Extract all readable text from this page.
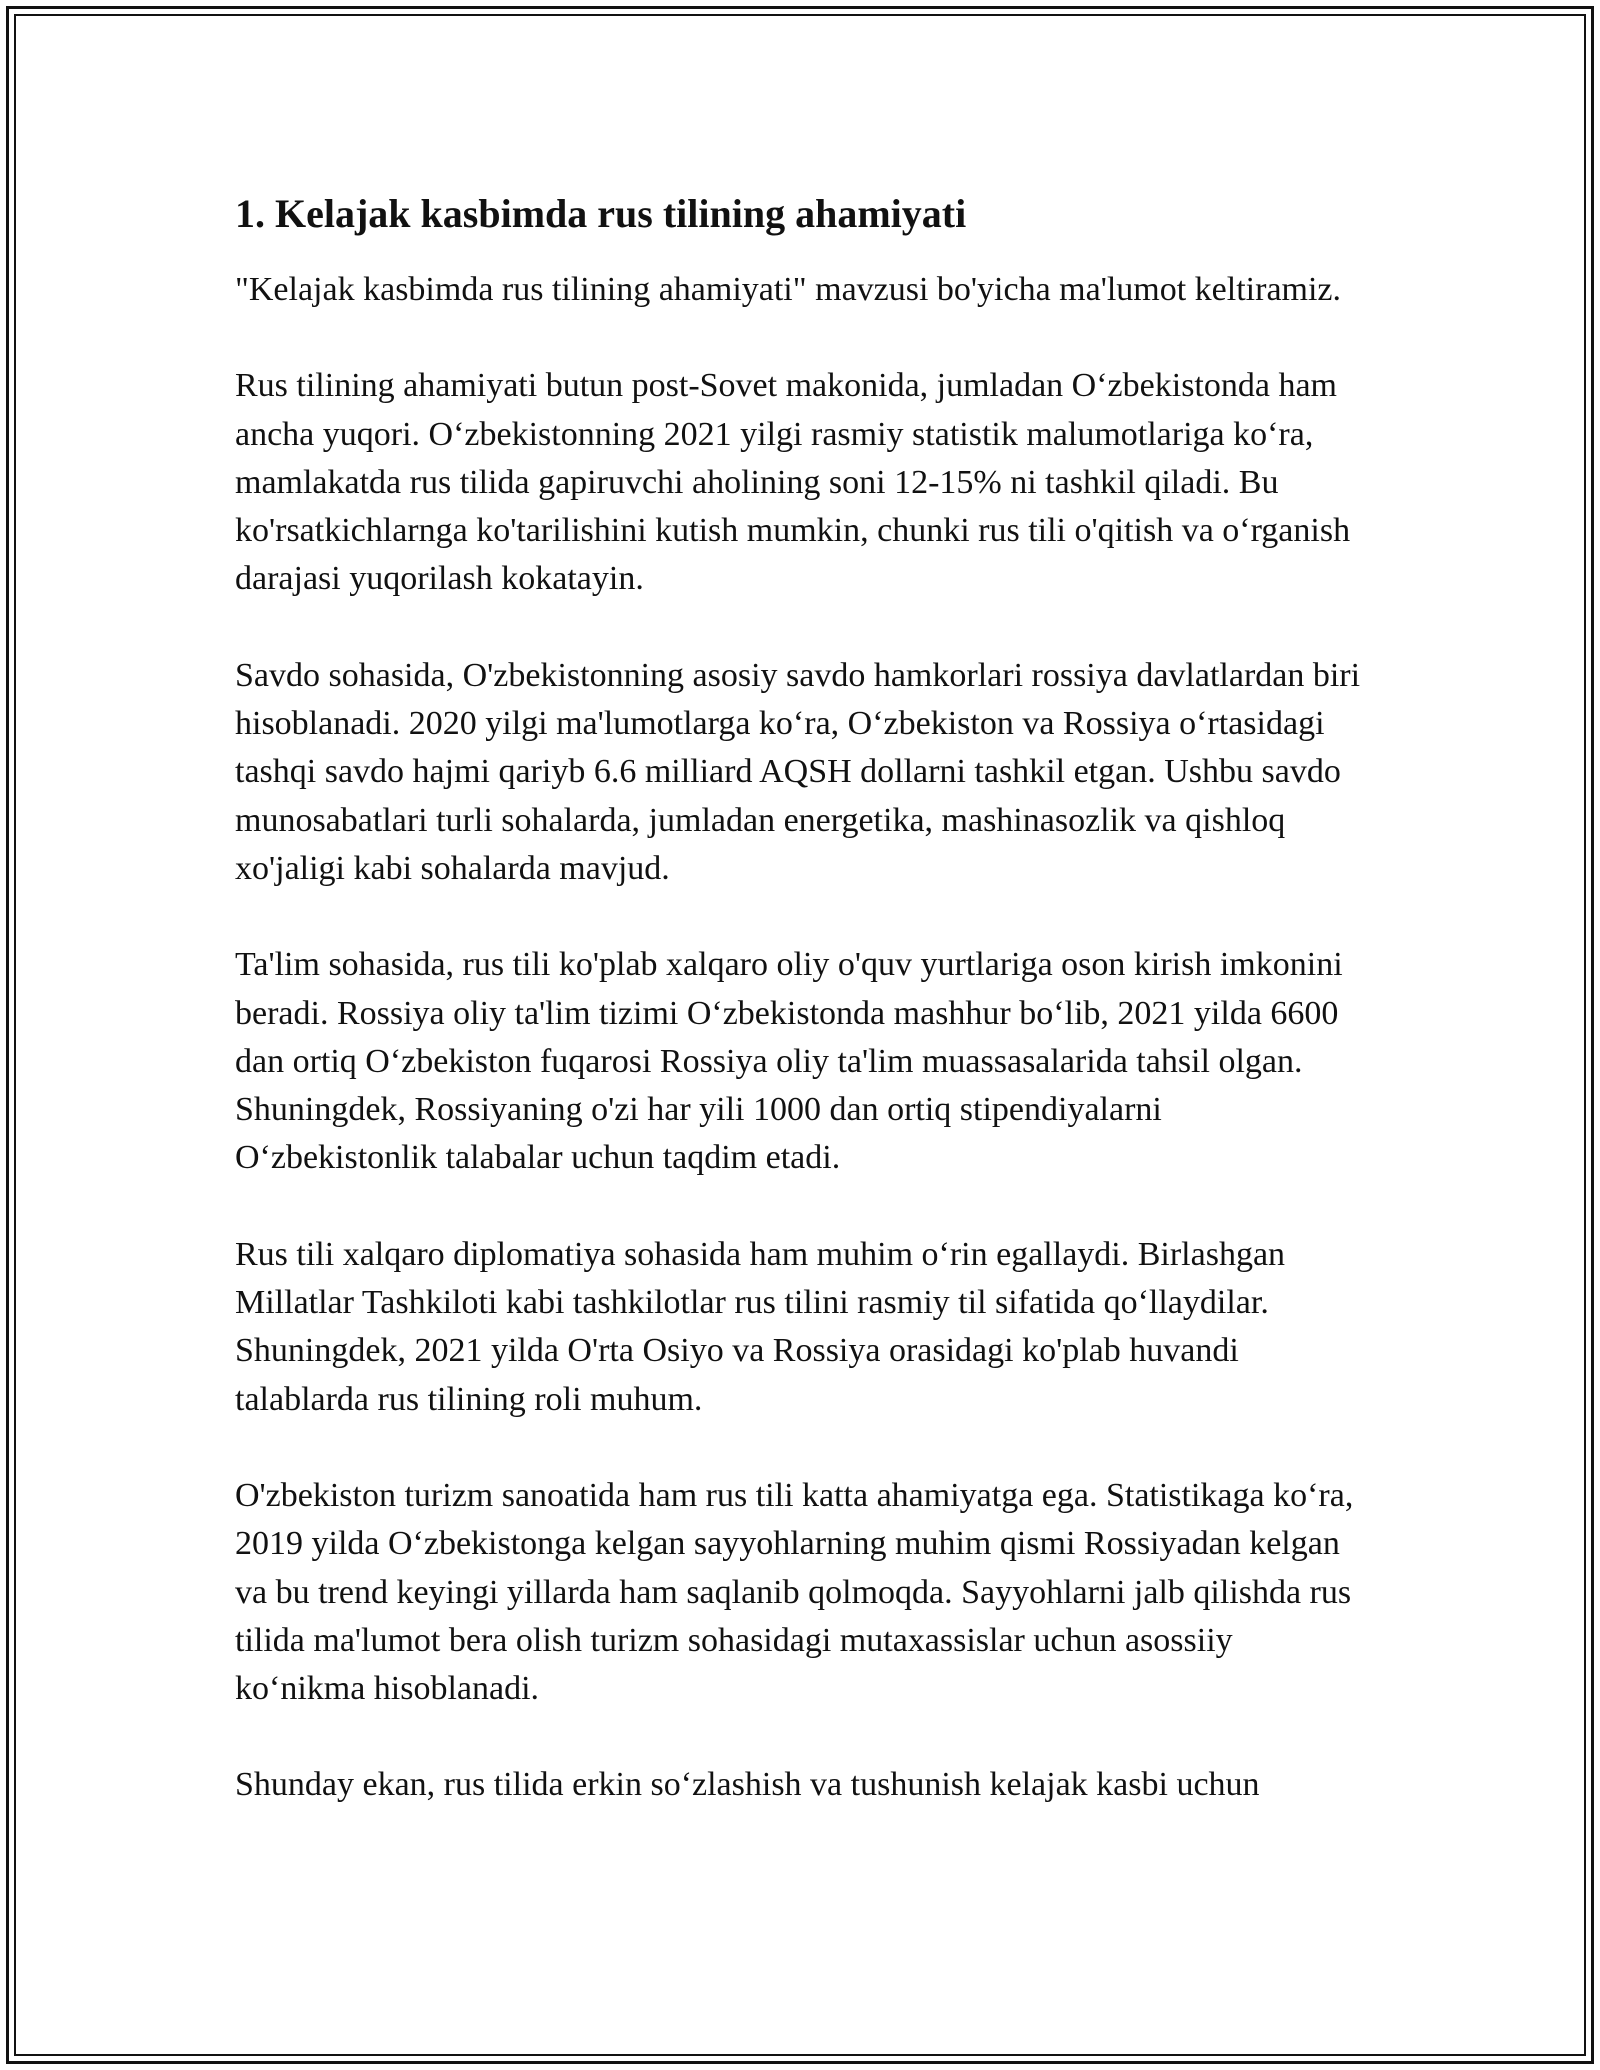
1. Kelajak kasbimda rus tilining ahamiyati

"Kelajak kasbimda rus tilining ahamiyati" mavzusi bo'yicha ma'lumot keltiramiz.

Rus tilining ahamiyati butun post-Sovet makonida, jumladan Oʻzbekistonda ham ancha yuqori. Oʻzbekistonning 2021 yilgi rasmiy statistik malumotlariga koʻra, mamlakatda rus tilida gapiruvchi aholining soni 12-15% ni tashkil qiladi. Bu ko'rsatkichlarnga ko'tarilishini kutish mumkin, chunki rus tili o'qitish va oʻrganish darajasi yuqorilash kokatayin.

Savdo sohasida, O'zbekistonning asosiy savdo hamkorlari rossiya davlatlardan biri hisoblanadi. 2020 yilgi ma'lumotlarga koʻra, Oʻzbekiston va Rossiya oʻrtasidagi tashqi savdo hajmi qariyb 6.6 milliard AQSH dollarni tashkil etgan. Ushbu savdo munosabatlari turli sohalarda, jumladan energetika, mashinasozlik va qishloq xo'jaligi kabi sohalarda mavjud.

Ta'lim sohasida, rus tili ko'plab xalqaro oliy o'quv yurtlariga oson kirish imkonini beradi. Rossiya oliy ta'lim tizimi Oʻzbekistonda mashhur boʻlib, 2021 yilda 6600 dan ortiq Oʻzbekiston fuqarosi Rossiya oliy ta'lim muassasalarida tahsil olgan. Shuningdek, Rossiyaning o'zi har yili 1000 dan ortiq stipendiyalarni Oʻzbekistonlik talabalar uchun taqdim etadi.

Rus tili xalqaro diplomatiya sohasida ham muhim oʻrin egallaydi. Birlashgan Millatlar Tashkiloti kabi tashkilotlar rus tilini rasmiy til sifatida qoʻllaydilar. Shuningdek, 2021 yilda O'rta Osiyo va Rossiya orasidagi ko'plab huvandi talablarda rus tilining roli muhum.

O'zbekiston turizm sanoatida ham rus tili katta ahamiyatga ega. Statistikaga koʻra, 2019 yilda Oʻzbekistonga kelgan sayyohlarning muhim qismi Rossiyadan kelgan va bu trend keyingi yillarda ham saqlanib qolmoqda. Sayyohlarni jalb qilishda rus tilida ma'lumot bera olish turizm sohasidagi mutaxassislar uchun asossiiy koʻnikma hisoblanadi.

Shunday ekan, rus tilida erkin soʻzlashish va tushunish kelajak kasbi uchun
